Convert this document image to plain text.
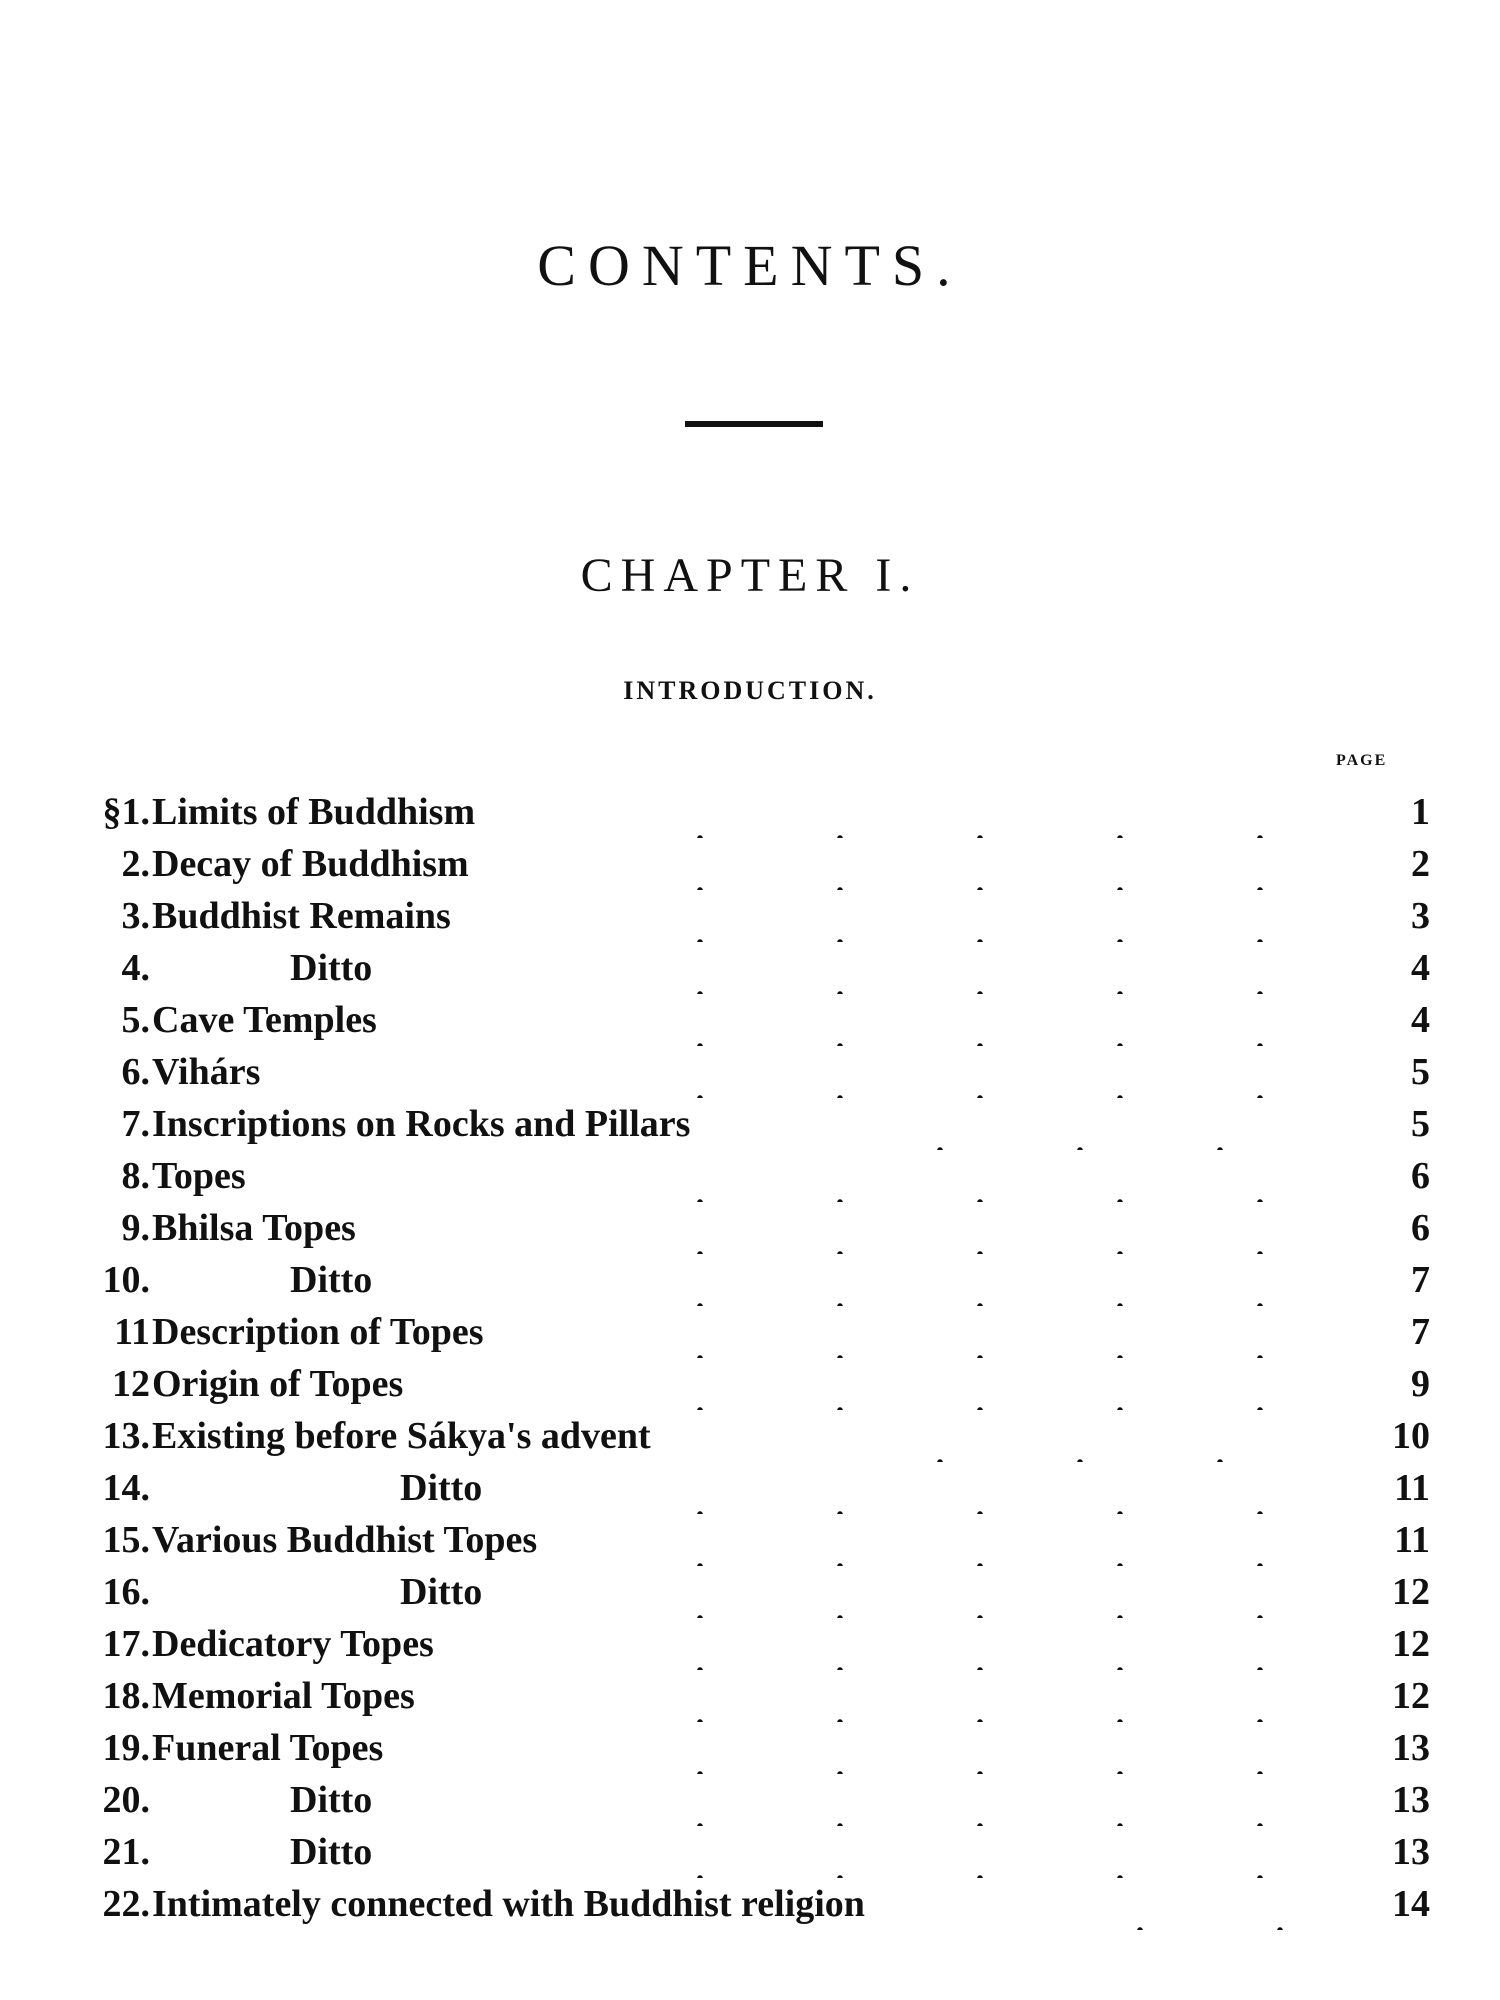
CONTENTS.
CHAPTER I.
INTRODUCTION.
PAGE
§1. Limits of Buddhism	1
2. Decay of Buddhism	2
3. Buddhist Remains	3
4.	Ditto	4
5. Cave Temples	4
6. Vihárs	5
7. Inscriptions on Rocks and Pillars	5
8. Topes	6
9. Bhilsa Topes	6
10.	Ditto	7
11 Description of Topes	7
12 Origin of Topes	9
13. Existing before Sákya's advent	10
14.	Ditto	11
15. Various Buddhist Topes	11
16.	Ditto	12
17. Dedicatory Topes	12
18. Memorial Topes	12
19. Funeral Topes	13
20.	Ditto	13
21.	Ditto	13
22. Intimately connected with Buddhist religion	14
